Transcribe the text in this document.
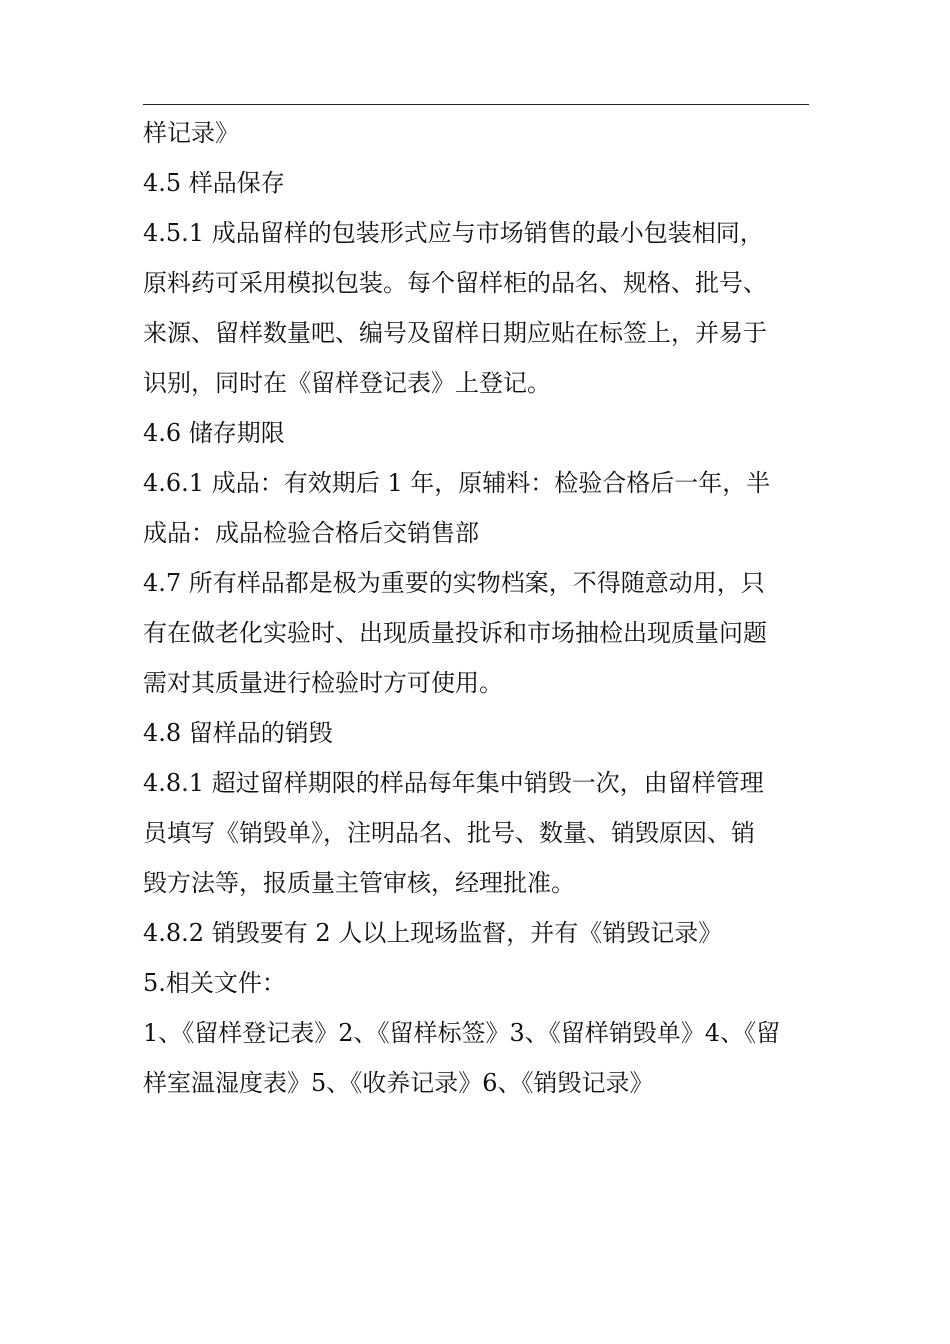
样记录》
4.5 样品保存
4.5.1 成品留样的包装形式应与市场销售的最小包装相同，
原料药可采用模拟包装。每个留样柜的品名、规格、批号、
来源、留样数量吧、编号及留样日期应贴在标签上，并易于
识别，同时在《留样登记表》上登记。
4.6 储存期限
4.6.1 成品：有效期后 1 年，原辅料：检验合格后一年，半
成品：成品检验合格后交销售部
4.7 所有样品都是极为重要的实物档案，不得随意动用，只
有在做老化实验时、出现质量投诉和市场抽检出现质量问题
需对其质量进行检验时方可使用。
4.8 留样品的销毁
4.8.1 超过留样期限的样品每年集中销毁一次，由留样管理
员填写《销毁单》，注明品名、批号、数量、销毁原因、销
毁方法等，报质量主管审核，经理批准。
4.8.2 销毁要有 2 人以上现场监督，并有《销毁记录》
5.相关文件：
1、《留样登记表》2、《留样标签》3、《留样销毁单》4、《留
样室温湿度表》5、《收养记录》6、《销毁记录》
